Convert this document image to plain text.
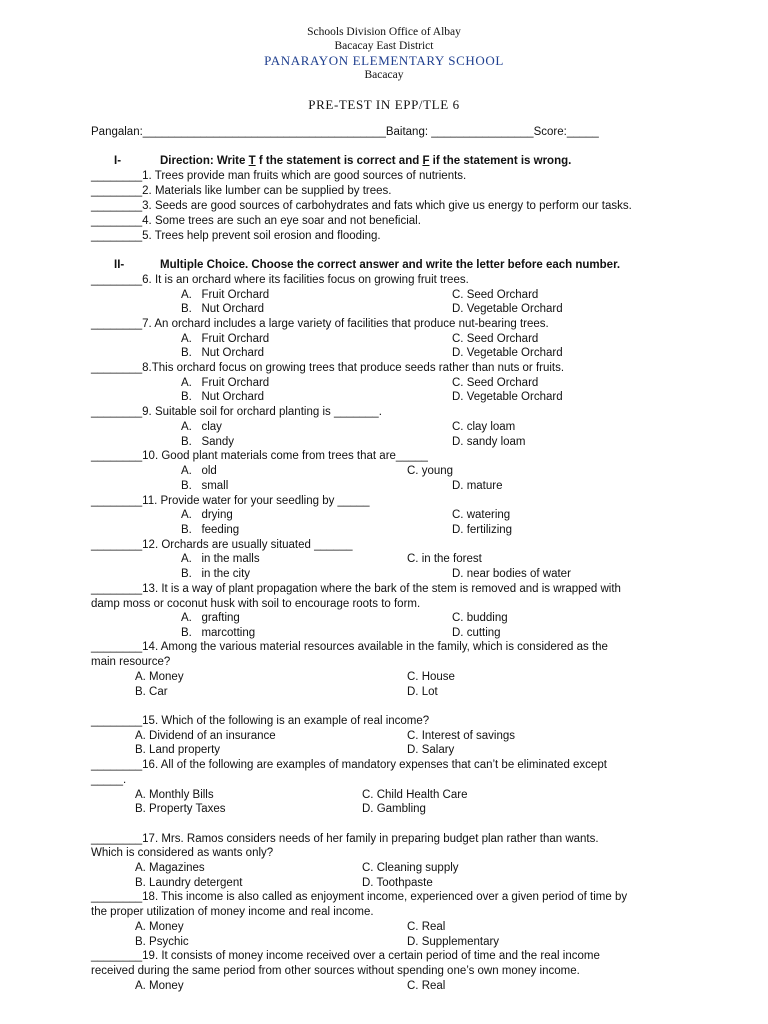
Schools Division Office of Albay
Bacacay East District
PANARAYON ELEMENTARY SCHOOL
Bacacay
PRE-TEST IN EPP/TLE 6
Pangalan:______________________________________Baitang: ________________Score:_____
I-	Direction: Write T f the statement is correct and F if the statement is wrong.
________1. Trees provide man fruits which are good sources of nutrients.
________2. Materials like lumber can be supplied by trees.
________3. Seeds are good sources of carbohydrates and fats which give us energy to perform our tasks.
________4. Some trees are such an eye soar and not beneficial.
________5. Trees help prevent soil erosion and flooding.
II-	Multiple Choice. Choose the correct answer and write the letter before each number.
________6. It is an orchard where its facilities focus on growing fruit trees.
A.   Fruit Orchard	C. Seed Orchard
B.   Nut Orchard	D. Vegetable Orchard
________7. An orchard includes a large variety of facilities that produce nut-bearing trees.
A.   Fruit Orchard	C. Seed Orchard
B.   Nut Orchard	D. Vegetable Orchard
________8.This orchard focus on growing trees that produce seeds rather than nuts or fruits.
A.   Fruit Orchard	C. Seed Orchard
B.   Nut Orchard	D. Vegetable Orchard
________9. Suitable soil for orchard planting is _______.
A.   clay	C. clay loam
B.   Sandy	D. sandy loam
________10. Good plant materials come from trees that are_____
A.   old	C. young
B.   small	D. mature
________11. Provide water for your seedling by _____
A.   drying	C. watering
B.   feeding	D. fertilizing
________12. Orchards are usually situated ______
A.   in the malls	C. in the forest
B.   in the city	D. near bodies of water
________13. It is a way of plant propagation where the bark of the stem is removed and is wrapped with
damp moss or coconut husk with soil to encourage roots to form.
A.   grafting	C. budding
B.   marcotting	D. cutting
________14. Among the various material resources available in the family, which is considered as the
main resource?
A. Money	C. House
B. Car	D. Lot
________15. Which of the following is an example of real income?
A. Dividend of an insurance	C. Interest of savings
B. Land property	D. Salary
________16. All of the following are examples of mandatory expenses that can’t be eliminated except
_____.
A. Monthly Bills	C. Child Health Care
B. Property Taxes	D. Gambling
________17. Mrs. Ramos considers needs of her family in preparing budget plan rather than wants.
Which is considered as wants only?
A. Magazines	C. Cleaning supply
B. Laundry detergent	D. Toothpaste
________18. This income is also called as enjoyment income, experienced over a given period of time by
the proper utilization of money income and real income.
A. Money	C. Real
B. Psychic	D. Supplementary
________19. It consists of money income received over a certain period of time and the real income
received during the same period from other sources without spending one’s own money income.
A. Money	C. Real
